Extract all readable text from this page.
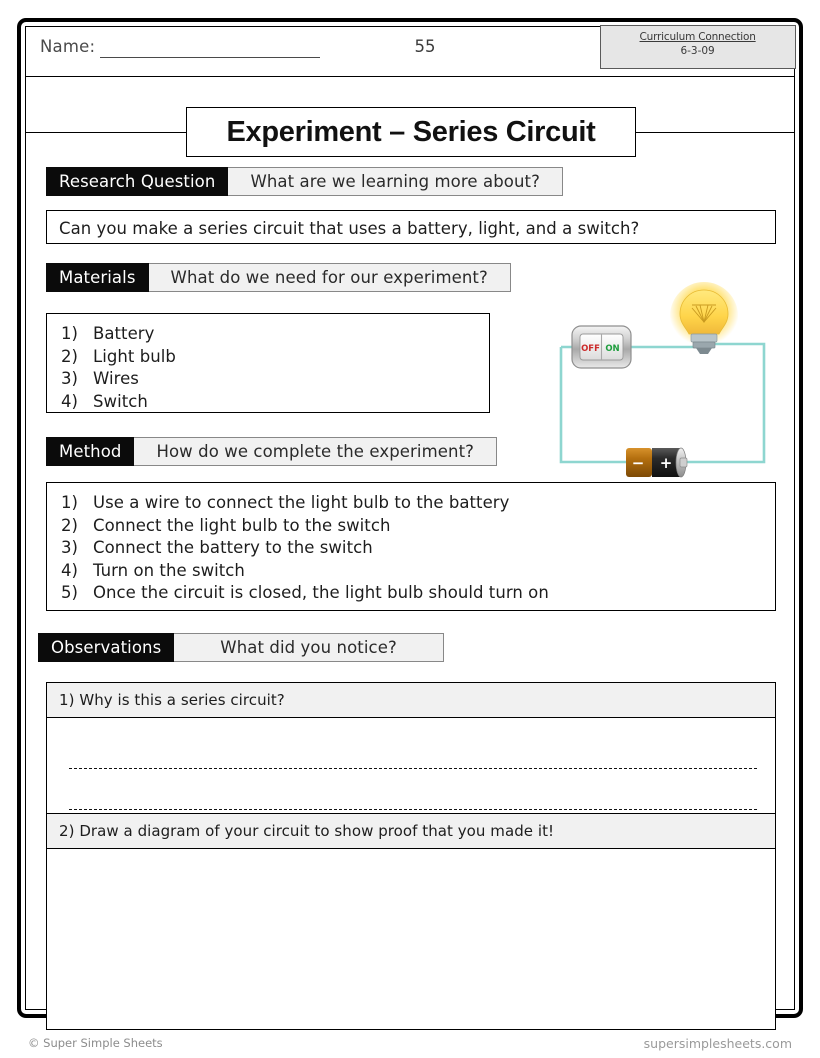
Name:	55	Curriculum Connection
6-3-09
Experiment – Series Circuit
Research Question	What are we learning more about?
Can you make a series circuit that uses a battery, light, and a switch?
Materials	What do we need for our experiment?
1) Battery
2) Light bulb
3) Wires
4) Switch
OFF ON
− +
Method	How do we complete the experiment?
1) Use a wire to connect the light bulb to the battery
2) Connect the light bulb to the switch
3) Connect the battery to the switch
4) Turn on the switch
5) Once the circuit is closed, the light bulb should turn on
Observations	What did you notice?
1) Why is this a series circuit?
2) Draw a diagram of your circuit to show proof that you made it!
© Super Simple Sheets	supersimplesheets.com
